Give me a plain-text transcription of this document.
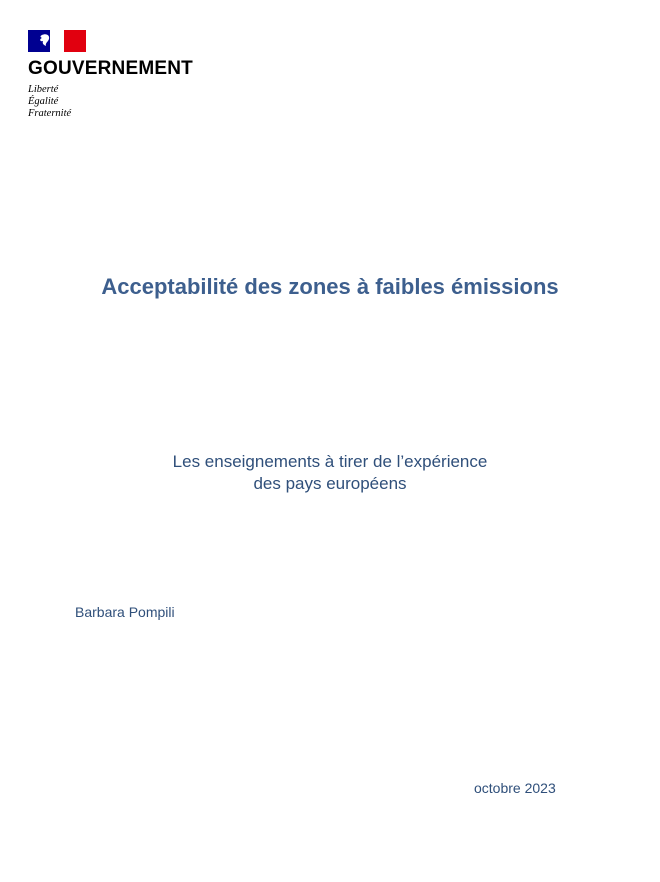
GOUVERNEMENT
Liberté
Égalité
Fraternité
Acceptabilité des zones à faibles émissions
Les enseignements à tirer de l’expérience
des pays européens
Barbara Pompili
octobre 2023
